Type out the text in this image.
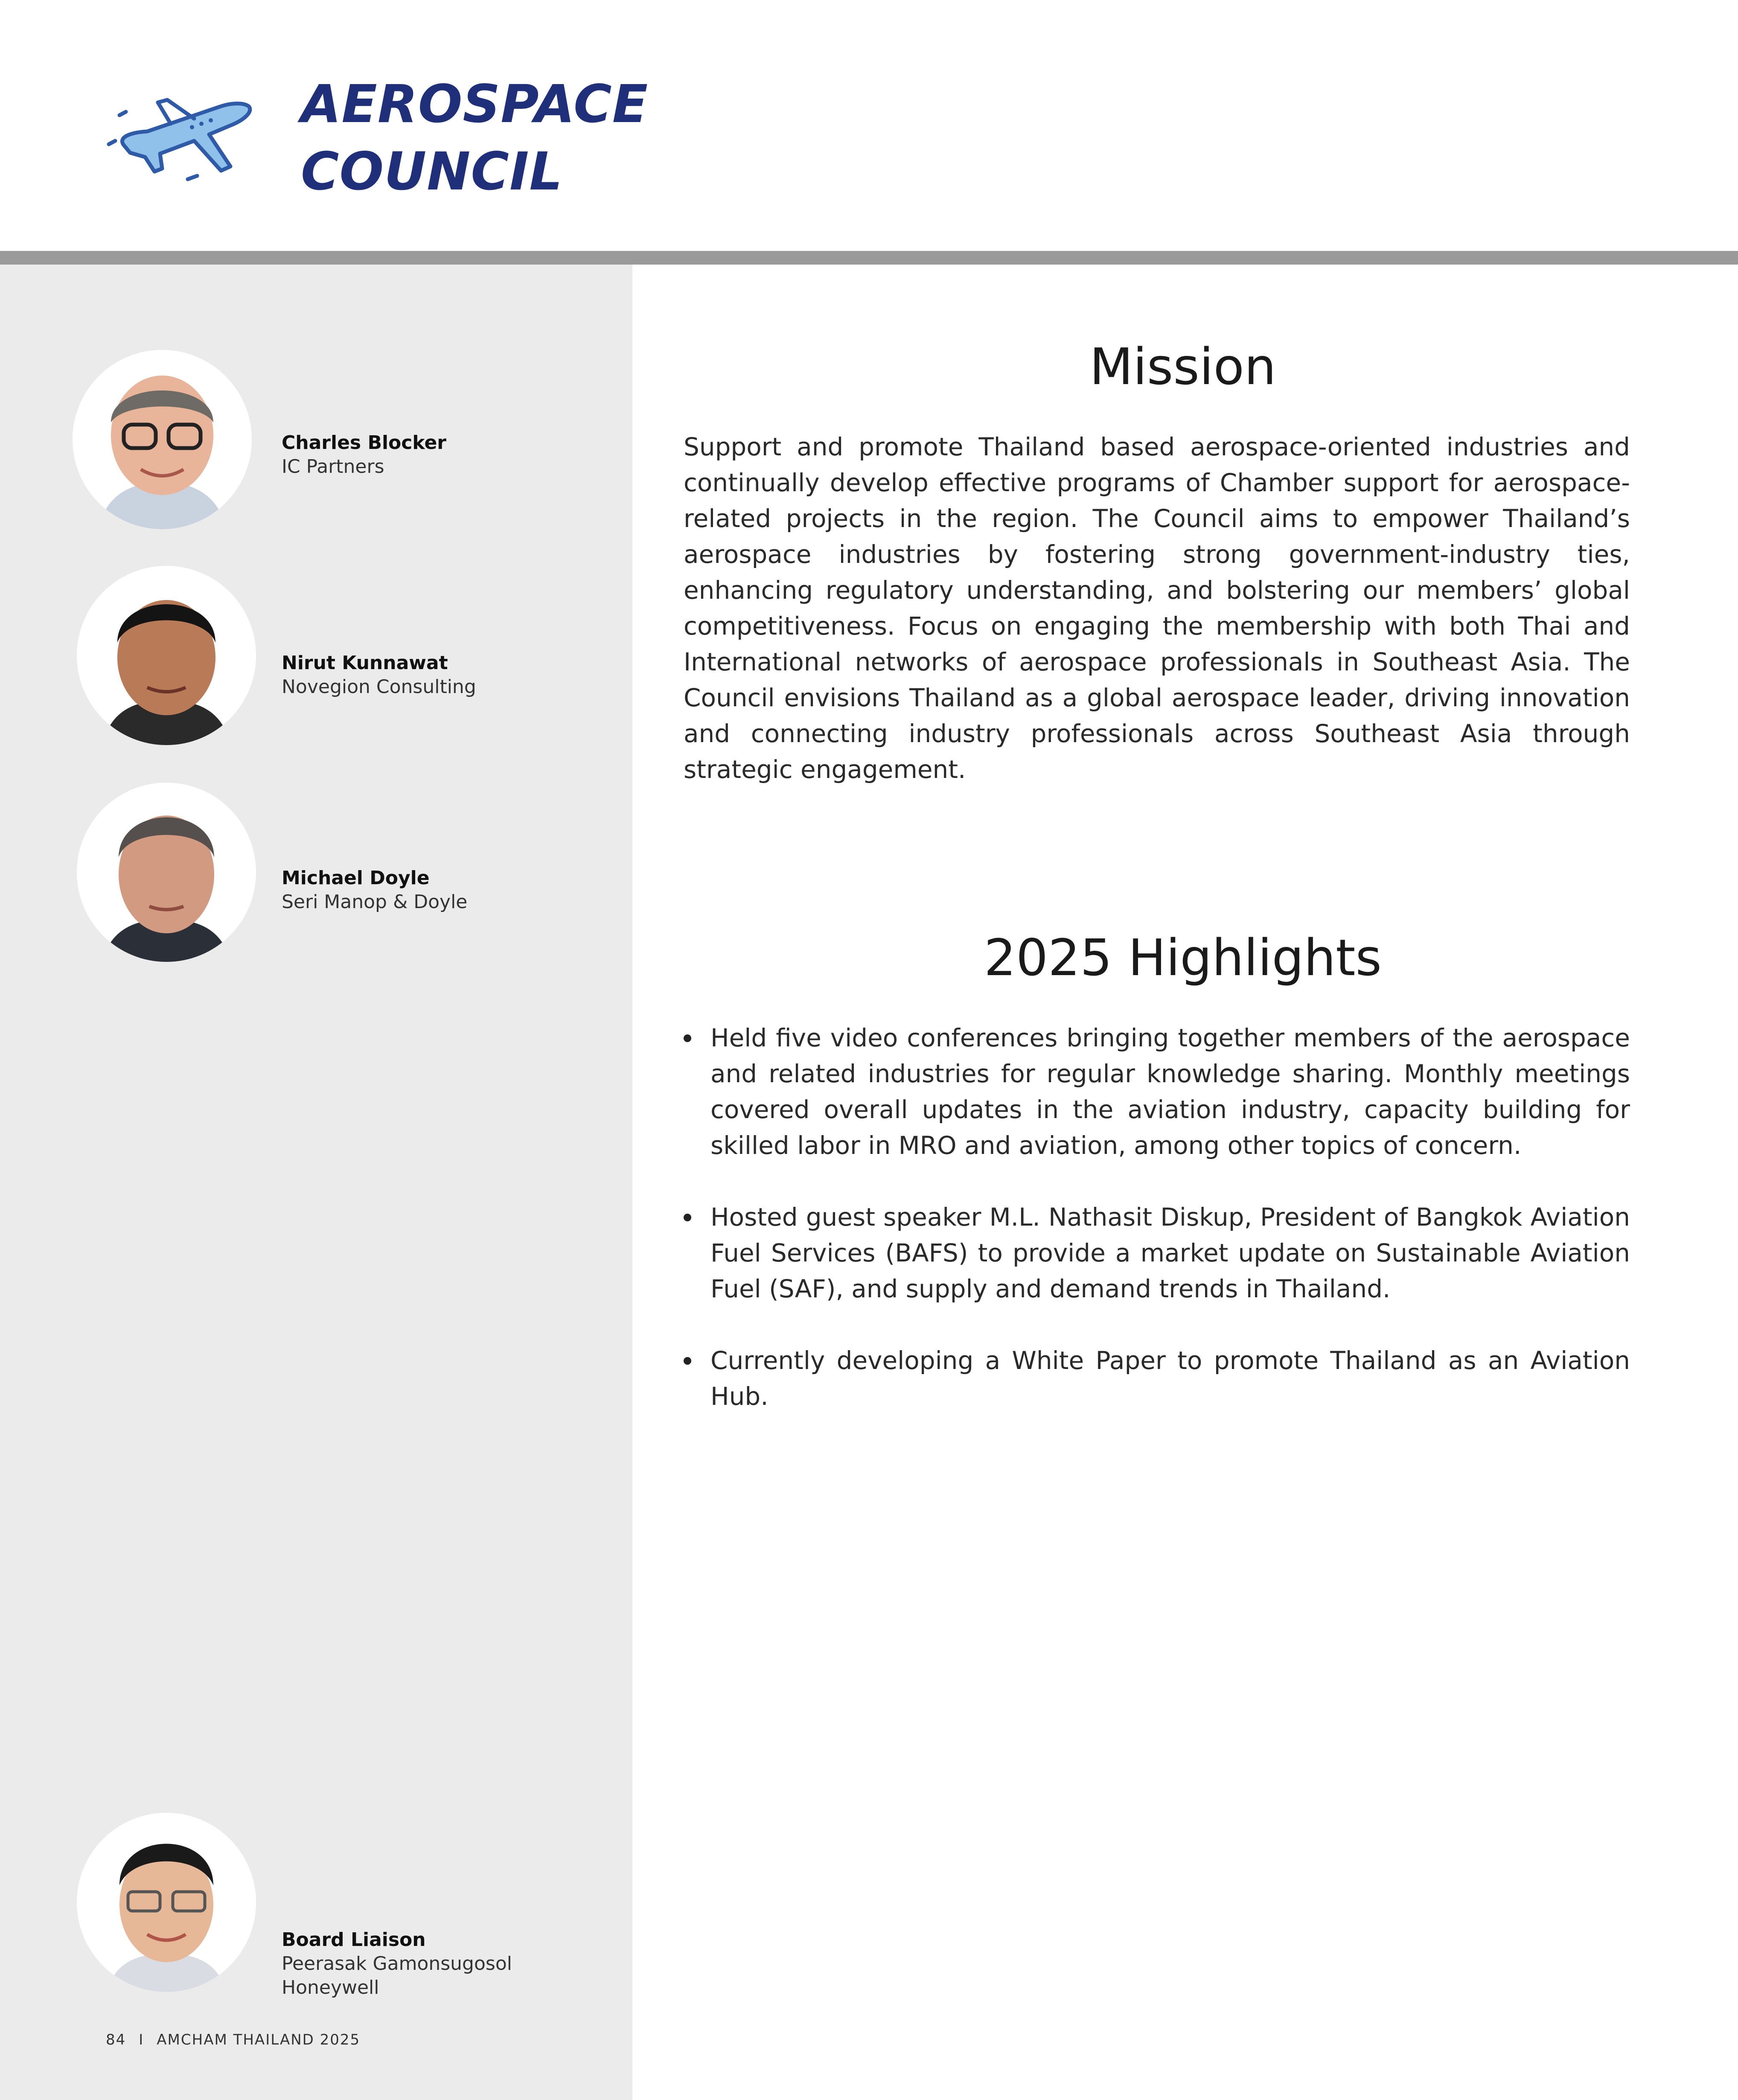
AEROSPACE
COUNCIL
Charles Blocker
IC Partners
Nirut Kunnawat
Novegion Consulting
Michael Doyle
Seri Manop & Doyle
Board Liaison
Peerasak Gamonsugosol
Honeywell
84 I AMCHAM THAILAND 2025
Mission

Support and promote Thailand based aerospace-oriented industries and continually develop effective programs of Chamber support for aerospace-related projects in the region. The Council aims to empower Thailand’s aerospace industries by fostering strong government-industry ties, enhancing regulatory understanding, and bolstering our members’ global competitiveness. Focus on engaging the membership with both Thai and International networks of aerospace professionals in Southeast Asia. The Council envisions Thailand as a global aerospace leader, driving innovation and connecting industry professionals across Southeast Asia through strategic engagement.

2025 Highlights
Held five video conferences bringing together members of the aerospace and related industries for regular knowledge sharing. Monthly meetings covered overall updates in the aviation industry, capacity building for skilled labor in MRO and aviation, among other topics of concern.
Hosted guest speaker M.L. Nathasit Diskup, President of Bangkok Aviation Fuel Services (BAFS) to provide a market update on Sustainable Aviation Fuel (SAF), and supply and demand trends in Thailand.
Currently developing a White Paper to promote Thailand as an Aviation Hub.
